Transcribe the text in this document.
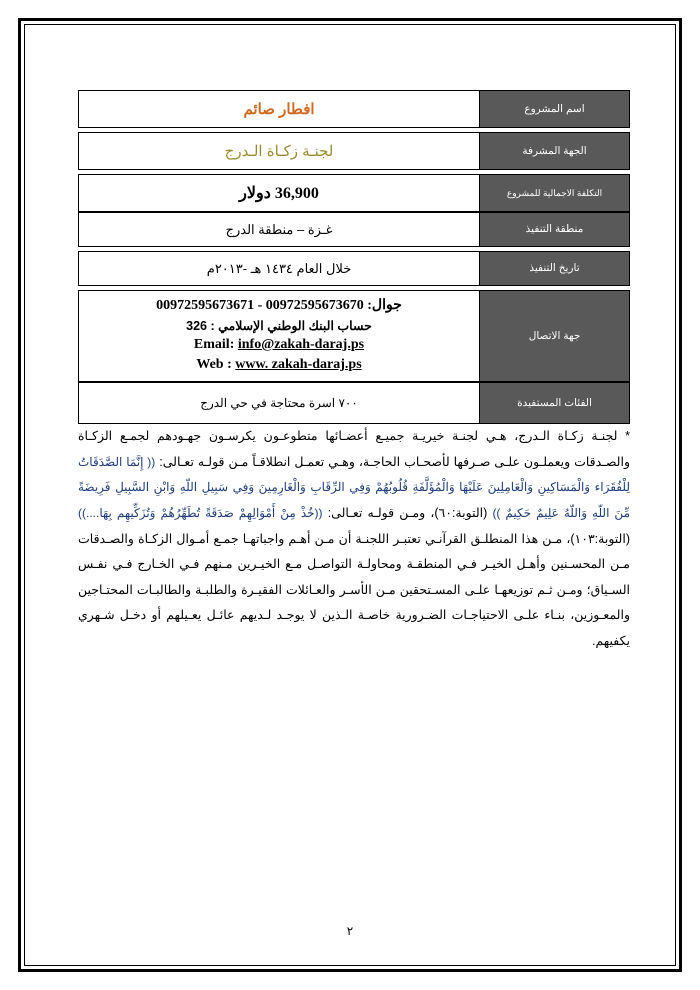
اسم المشروع
افطار صائم
الجهة المشرفة
لجنـة زكـاة الـدرج
التكلفة الاجمالية للمشروع
36,900 دولار
منطقة التنفيذ
غـزة – منطقة الدرج
تاريخ التنفيذ
خلال العام ١٤٣٤ هـ -٢٠١٣م
جهة الاتصال
جوال: 00972595673670 - 00972595673671
حساب البنك الوطني الإسلامي : 326
Email: info@zakah-daraj.ps
Web : www. zakah-daraj.ps
الفئات المستفيدة
٧٠٠ اسرة محتاجة في حي الدرج
* لجنـة زكـاة الـدرج، هـي لجنـة خيريـة جميـع أعضـائها متطوعـون يكرسـون جهـودهم لجمـع الزكـاة والصـدقات ويعملـون علـى صـرفها لأصحـاب الحاجـة، وهـي تعمـل انطلاقـاً مـن قولـه تعـالى: (( إِنَّمَا الصَّدَقَاتُ لِلْفُقَرَاء وَالْمَسَاكِينِ وَالْعَامِلِينَ عَلَيْهَا وَالْمُؤَلَّفَةِ قُلُوبُهُمْ وَفِي الرِّقَابِ وَالْغَارِمِينَ وَفِي سَبِيلِ اللّهِ وَابْنِ السَّبِيلِ فَرِيضَةً مِّنَ اللّهِ وَاللّهُ عَلِيمٌ حَكِيمٌ )) (التوبة:٦٠)، ومـن قولـه تعـالى: ((خُذْ مِنْ أَمْوَالِهِمْ صَدَقَةً تُطَهِّرُهُمْ وَتُزَكِّيهِم بِهَا....)) (التوبة:١٠٣)، مـن هذا المنطلـق القرآنـي تعتبـر اللجنـة أن مـن أهـم واجباتهـا جمـع أمـوال الزكـاة والصـدقات مـن المحسـنين وأهـل الخيـر فـي المنطقـة ومحاولـة التواصـل مـع الخيـرين مـنهم فـي الخـارج فـي نفـس السـياق؛ ومـن ثـم توزيعهـا علـى المسـتحقين مـن الأسـر والعـائلات الفقيـرة والطلبـة والطالبـات المحتـاجين والمعـوزين، بنـاء علـى الاحتياجـات الضـرورية خاصـة الـذين لا يوجـد لـديهم عائـل يعـيلهم أو دخـل شـهري يكفيهم.
٢
